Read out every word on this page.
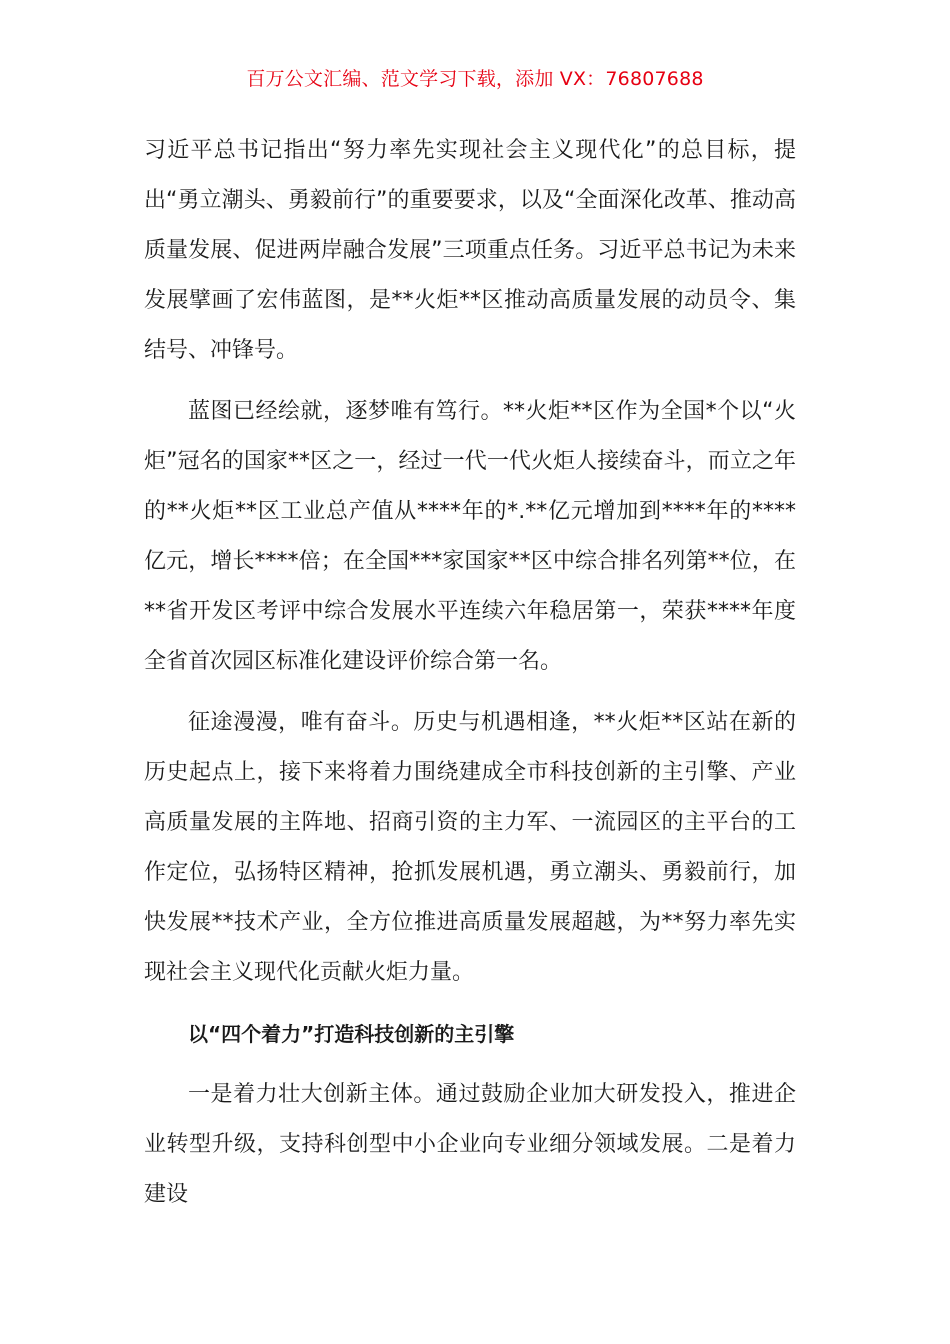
百万公文汇编、范文学习下载，添加 VX：76807688

习近平总书记指出“努力率先实现社会主义现代化”的总目标，提出“勇立潮头、勇毅前行”的重要要求，以及“全面深化改革、推动高质量发展、促进两岸融合发展”三项重点任务。习近平总书记为未来发展擘画了宏伟蓝图，是**火炬**区推动高质量发展的动员令、集结号、冲锋号。

蓝图已经绘就，逐梦唯有笃行。**火炬**区作为全国*个以“火炬”冠名的国家**区之一，经过一代一代火炬人接续奋斗，而立之年的**火炬**区工业总产值从****年的*.**亿元增加到****年的****亿元，增长****倍；在全国***家国家**区中综合排名列第**位，在**省开发区考评中综合发展水平连续六年稳居第一，荣获****年度全省首次园区标准化建设评价综合第一名。

征途漫漫，唯有奋斗。历史与机遇相逢，**火炬**区站在新的历史起点上，接下来将着力围绕建成全市科技创新的主引擎、产业高质量发展的主阵地、招商引资的主力军、一流园区的主平台的工作定位，弘扬特区精神，抢抓发展机遇，勇立潮头、勇毅前行，加快发展**技术产业，全方位推进高质量发展超越，为**努力率先实现社会主义现代化贡献火炬力量。

以“四个着力”打造科技创新的主引擎

一是着力壮大创新主体。通过鼓励企业加大研发投入，推进企业转型升级，支持科创型中小企业向专业细分领域发展。二是着力建设
